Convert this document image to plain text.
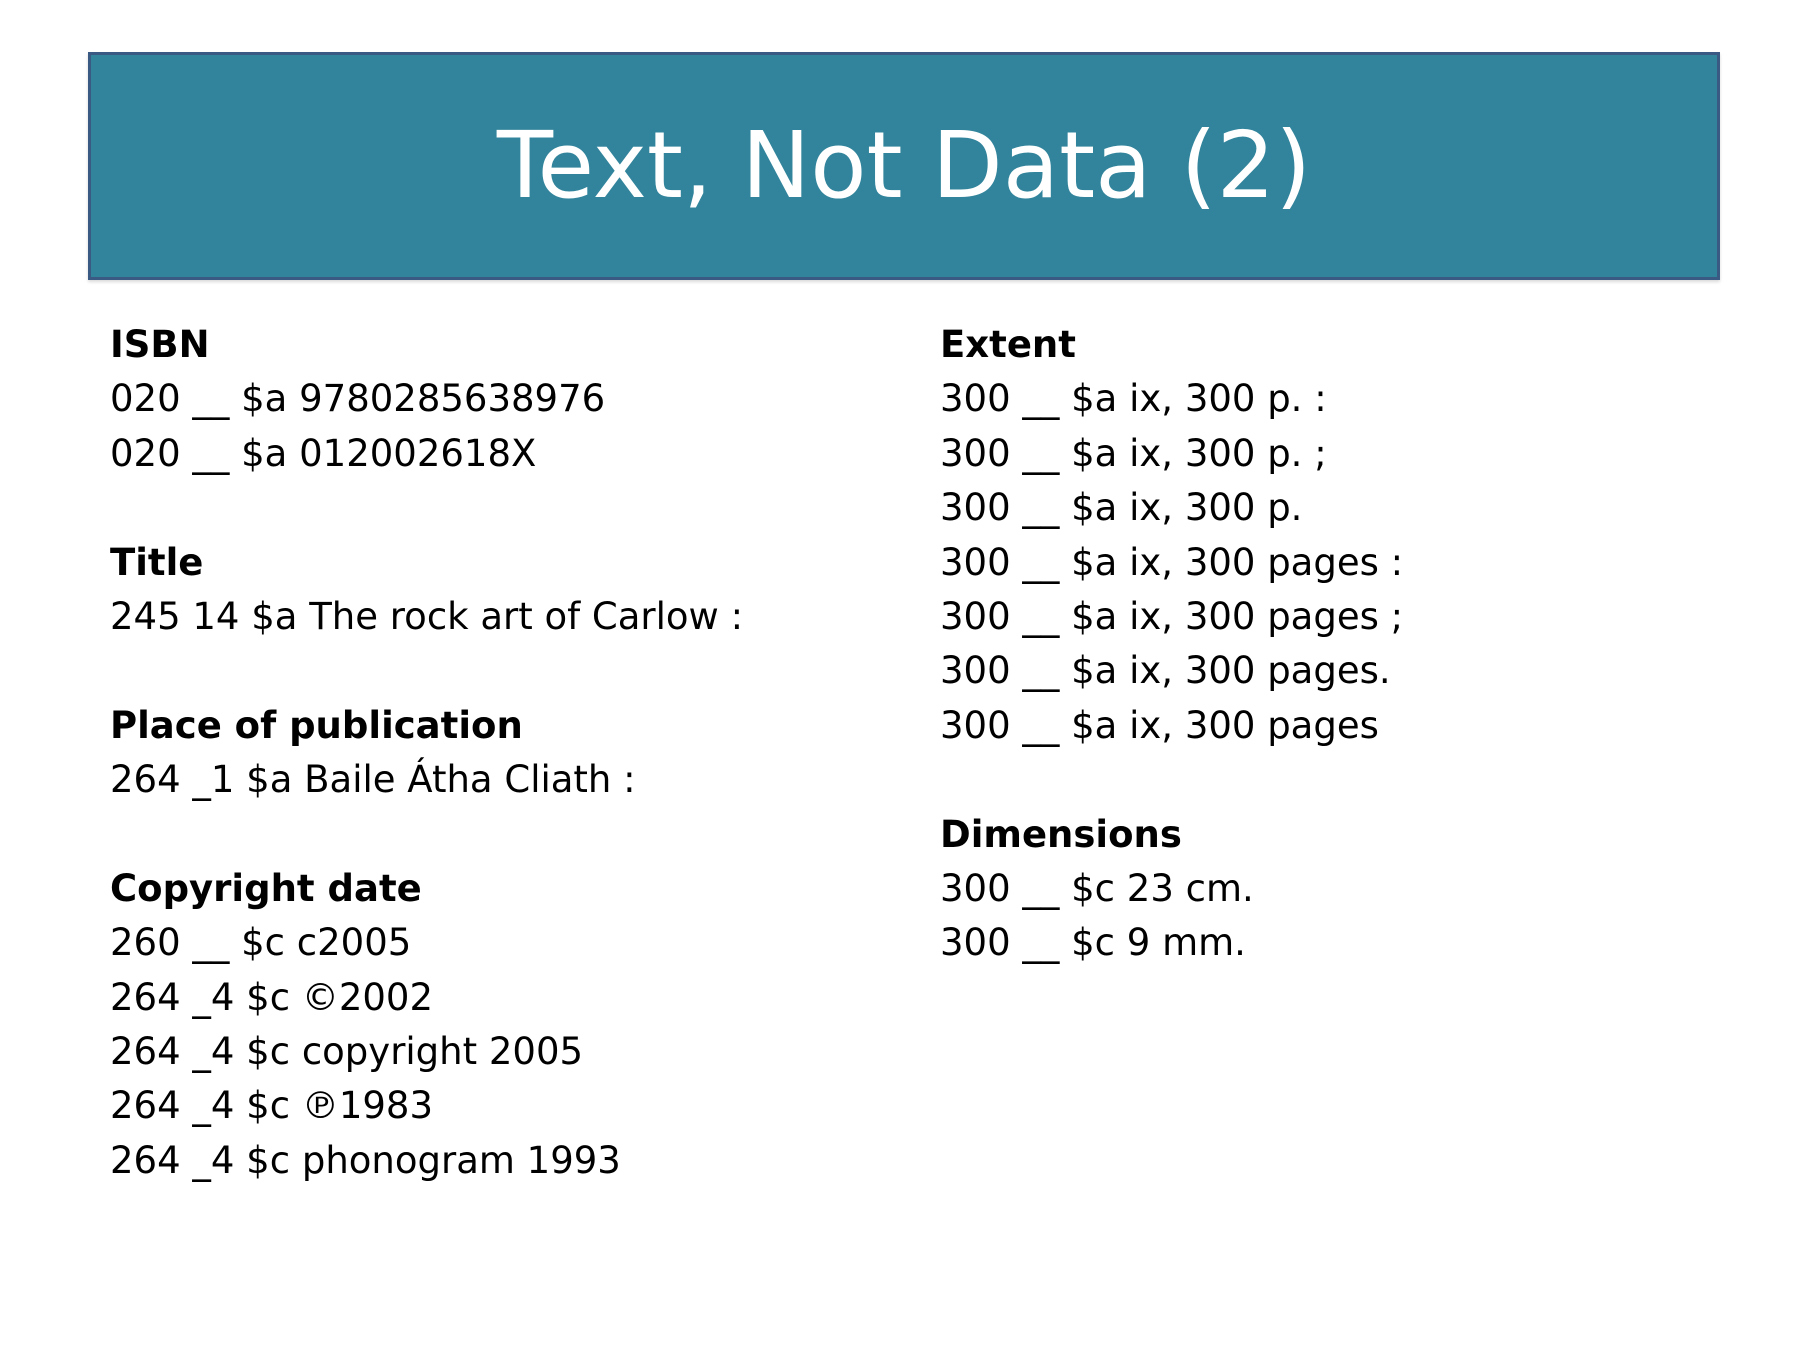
Text, Not Data (2)
ISBN
020 __ $a 9780285638976
020 __ $a 012002618X
Title
245 14 $a The rock art of Carlow :
Place of publication
264 _1 $a Baile Átha Cliath :
Copyright date
260 __ $c c2005
264 _4 $c ©2002
264 _4 $c copyright 2005
264 _4 $c ℗1983
264 _4 $c phonogram 1993
Extent
300 __ $a ix, 300 p. :
300 __ $a ix, 300 p. ;
300 __ $a ix, 300 p.
300 __ $a ix, 300 pages :
300 __ $a ix, 300 pages ;
300 __ $a ix, 300 pages.
300 __ $a ix, 300 pages
Dimensions
300 __ $c 23 cm.
300 __ $c 9 mm.
